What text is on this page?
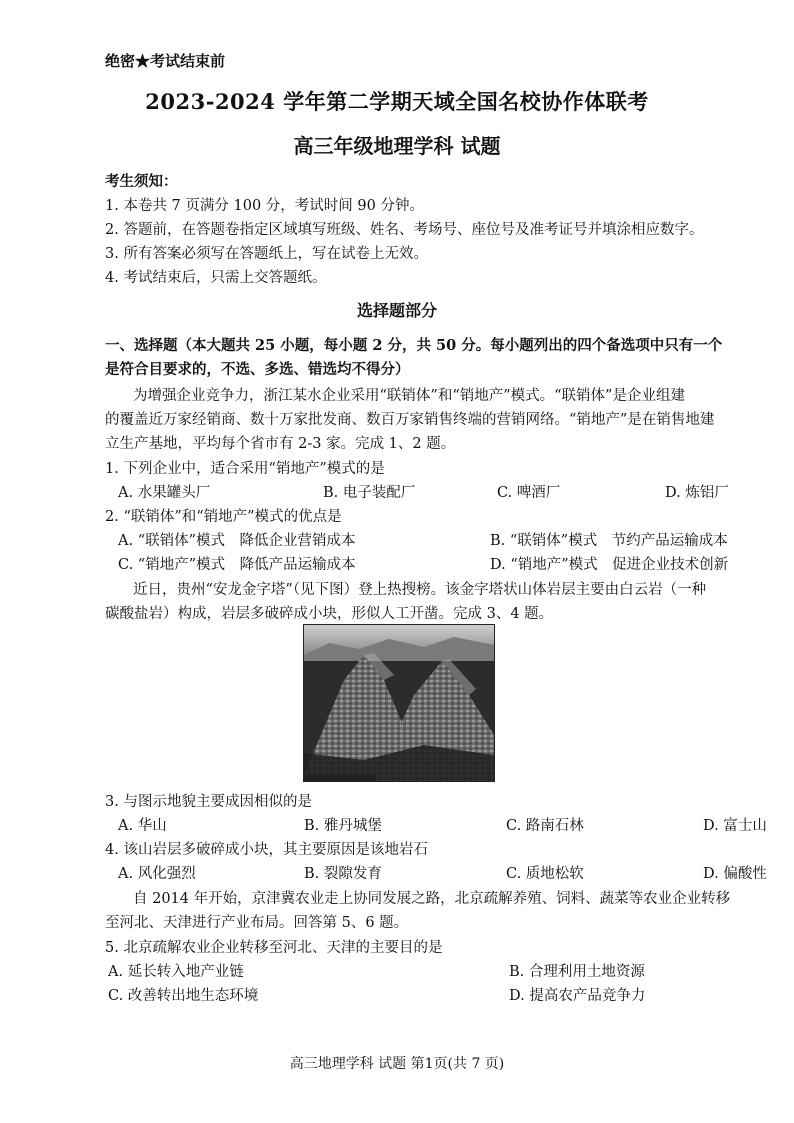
绝密★考试结束前
2023-2024 学年第二学期天域全国名校协作体联考
高三年级地理学科 试题
考生须知：
1. 本卷共 7 页满分 100 分，考试时间 90 分钟。
2. 答题前，在答题卷指定区域填写班级、姓名、考场号、座位号及准考证号并填涂相应数字。
3. 所有答案必须写在答题纸上，写在试卷上无效。
4. 考试结束后，只需上交答题纸。
选择题部分
一、选择题（本大题共 25 小题，每小题 2 分，共 50 分。每小题列出的四个备选项中只有一个
是符合目要求的，不选、多选、错选均不得分）
为增强企业竞争力，浙江某水企业采用“联销体”和“销地产”模式。“联销体”是企业组建
的覆盖近万家经销商、数十万家批发商、数百万家销售终端的营销网络。“销地产”是在销售地建
立生产基地，平均每个省市有 2-3 家。完成 1、2 题。
1. 下列企业中，适合采用“销地产”模式的是
A. 水果罐头厂	B. 电子装配厂	C. 啤酒厂	D. 炼铝厂
2. “联销体”和“销地产”模式的优点是
A. “联销体”模式　降低企业营销成本	B. “联销体”模式　节约产品运输成本
C. “销地产”模式　降低产品运输成本	D. “销地产”模式　促进企业技术创新
近日，贵州“安龙金字塔”（见下图）登上热搜榜。该金字塔状山体岩层主要由白云岩（一种
碳酸盐岩）构成，岩层多破碎成小块，形似人工开凿。完成 3、4 题。
3. 与图示地貌主要成因相似的是
A. 华山	B. 雅丹城堡	C. 路南石林	D. 富士山
4. 该山岩层多破碎成小块，其主要原因是该地岩石
A. 风化强烈	B. 裂隙发育	C. 质地松软	D. 偏酸性
自 2014 年开始，京津冀农业走上协同发展之路，北京疏解养殖、饲料、蔬菜等农业企业转移
至河北、天津进行产业布局。回答第 5、6 题。
5. 北京疏解农业企业转移至河北、天津的主要目的是
A. 延长转入地产业链	B. 合理利用土地资源
C. 改善转出地生态环境	D. 提高农产品竞争力
高三地理学科 试题 第1页(共 7 页)
